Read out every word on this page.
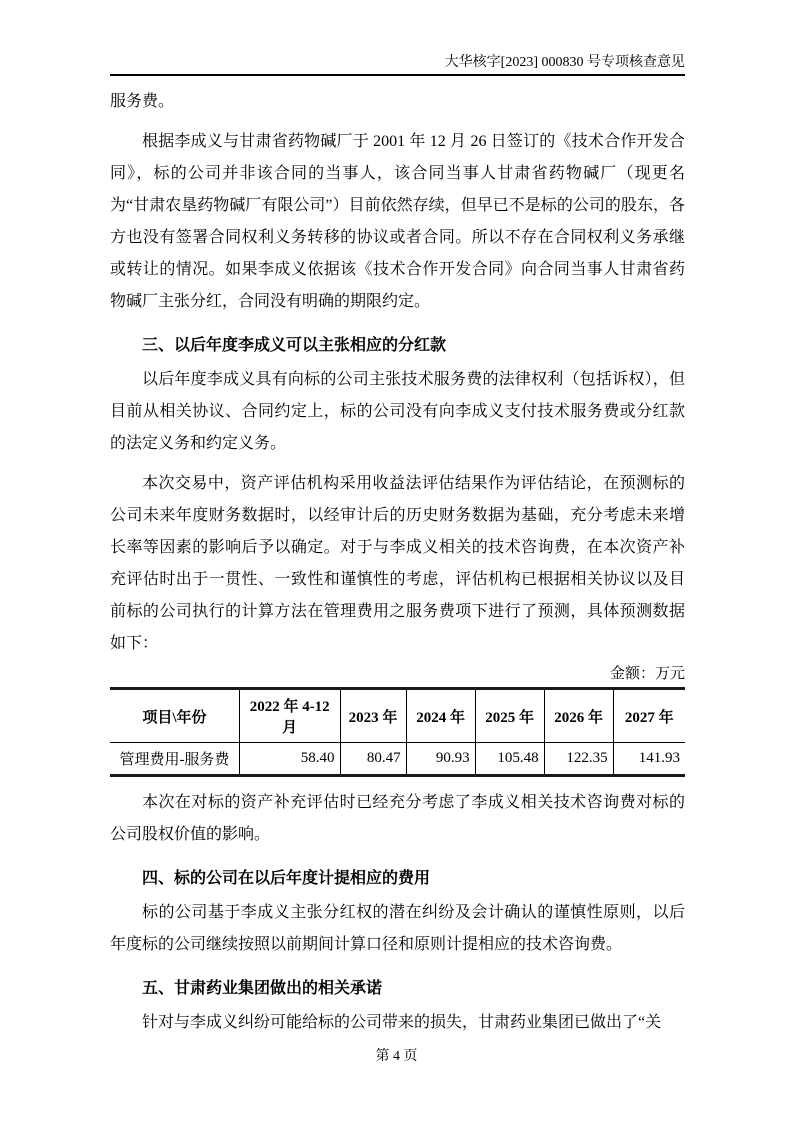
大华核字[2023] 000830 号专项核查意见

服务费。

根据李成义与甘肃省药物碱厂于 2001 年 12 月 26 日签订的《技术合作开发合同》，标的公司并非该合同的当事人，该合同当事人甘肃省药物碱厂（现更名为“甘肃农垦药物碱厂有限公司”）目前依然存续，但早已不是标的公司的股东，各方也没有签署合同权利义务转移的协议或者合同。所以不存在合同权利义务承继或转让的情况。如果李成义依据该《技术合作开发合同》向合同当事人甘肃省药物碱厂主张分红，合同没有明确的期限约定。

三、以后年度李成义可以主张相应的分红款

以后年度李成义具有向标的公司主张技术服务费的法律权利（包括诉权），但目前从相关协议、合同约定上，标的公司没有向李成义支付技术服务费或分红款的法定义务和约定义务。

本次交易中，资产评估机构采用收益法评估结果作为评估结论，在预测标的公司未来年度财务数据时，以经审计后的历史财务数据为基础，充分考虑未来增长率等因素的影响后予以确定。对于与李成义相关的技术咨询费，在本次资产补充评估时出于一贯性、一致性和谨慎性的考虑，评估机构已根据相关协议以及目前标的公司执行的计算方法在管理费用之服务费项下进行了预测，具体预测数据如下：

金额：万元
项目\年份	2022 年 4-12 月	2023 年	2024 年	2025 年	2026 年	2027 年
管理费用-服务费	58.40	80.47	90.93	105.48	122.35	141.93

本次在对标的资产补充评估时已经充分考虑了李成义相关技术咨询费对标的公司股权价值的影响。

四、标的公司在以后年度计提相应的费用

标的公司基于李成义主张分红权的潜在纠纷及会计确认的谨慎性原则，以后年度标的公司继续按照以前期间计算口径和原则计提相应的技术咨询费。

五、甘肃药业集团做出的相关承诺

针对与李成义纠纷可能给标的公司带来的损失，甘肃药业集团已做出了“关

第 4 页
